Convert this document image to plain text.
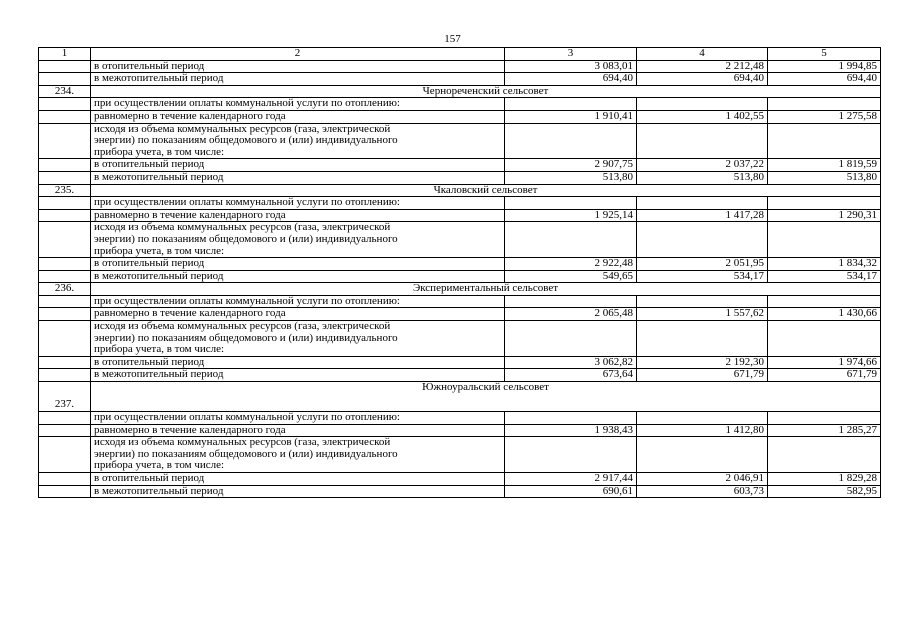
157
1	2	3	4	5
	в отопительный период	3 083,01	2 212,48	1 994,85
	в межотопительный период	694,40	694,40	694,40
234.	Чернореченский сельсовет			
	при осуществлении оплаты коммунальной услуги по отоплению:			
	равномерно в течение календарного года	1 910,41	1 402,55	1 275,58

	исходя из объема коммунальных ресурсов (газа, электрической
энергии) по показаниям общедомового и (или) индивидуального
прибора учета, в том числе:			

	в отопительный период	2 907,75	2 037,22	1 819,59
	в межотопительный период	513,80	513,80	513,80
235.	Чкаловский сельсовет			
	при осуществлении оплаты коммунальной услуги по отоплению:			
	равномерно в течение календарного года	1 925,14	1 417,28	1 290,31

	исходя из объема коммунальных ресурсов (газа, электрической
энергии) по показаниям общедомового и (или) индивидуального
прибора учета, в том числе:			

	в отопительный период	2 922,48	2 051,95	1 834,32
	в межотопительный период	549,65	534,17	534,17
236.	Экспериментальный сельсовет			
	при осуществлении оплаты коммунальной услуги по отоплению:			
	равномерно в течение календарного года	2 065,48	1 557,62	1 430,66

	исходя из объема коммунальных ресурсов (газа, электрической
энергии) по показаниям общедомового и (или) индивидуального
прибора учета, в том числе:			

	в отопительный период	3 062,82	2 192,30	1 974,66
	в межотопительный период	673,64	671,79	671,79
237.	Южноуральский сельсовет			
	при осуществлении оплаты коммунальной услуги по отоплению:			
	равномерно в течение календарного года	1 938,43	1 412,80	1 285,27

	исходя из объема коммунальных ресурсов (газа, электрической
энергии) по показаниям общедомового и (или) индивидуального
прибора учета, в том числе:			

	в отопительный период	2 917,44	2 046,91	1 829,28
	в межотопительный период	690,61	603,73	582,95
